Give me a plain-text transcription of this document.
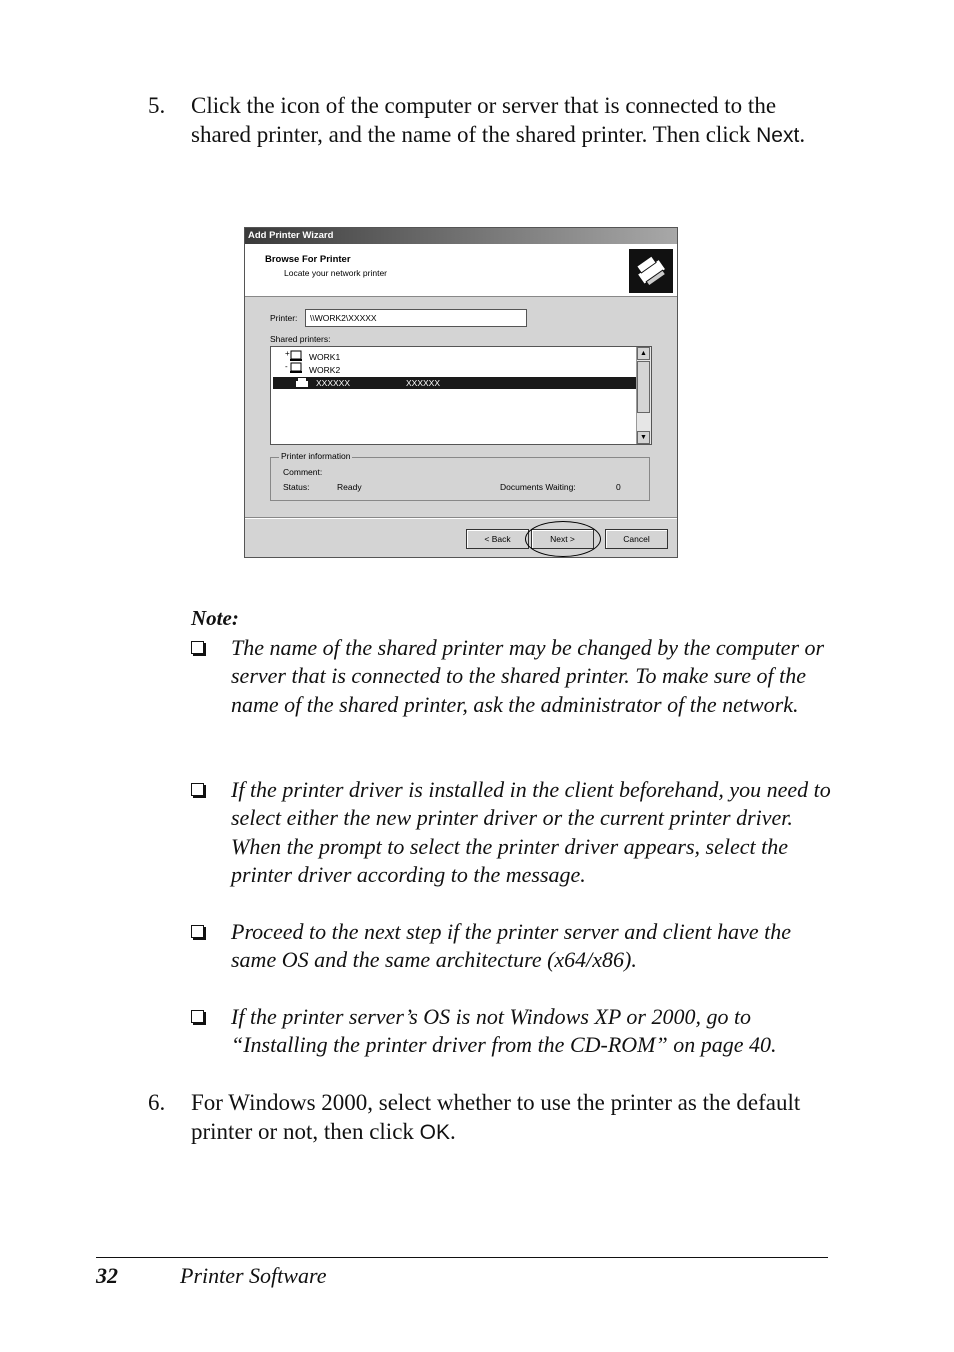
5. Click the icon of the computer or server that is connected to the shared printer, and the name of the shared printer. Then click Next.
Add Printer Wizard
Browse For Printer
Locate your network printer
Printer:	\\WORK2\XXXXX
Shared printers:
+
-
WORK1
WORK2
XXXXXX	XXXXXX
▲
▼
Printer information
Comment:
Status:	Ready	Documents Waiting:	0
< Back	Next >	Cancel
Note:
The name of the shared printer may be changed by the computer or server that is connected to the shared printer. To make sure of the name of the shared printer, ask the administrator of the network.
If the printer driver is installed in the client beforehand, you need to select either the new printer driver or the current printer driver. When the prompt to select the printer driver appears, select the printer driver according to the message.
Proceed to the next step if the printer server and client have the same OS and the same architecture (x64/x86).
If the printer server’s OS is not Windows XP or 2000, go to “Installing the printer driver from the CD-ROM” on page 40.
6. For Windows 2000, select whether to use the printer as the default printer or not, then click OK.
32	Printer Software
